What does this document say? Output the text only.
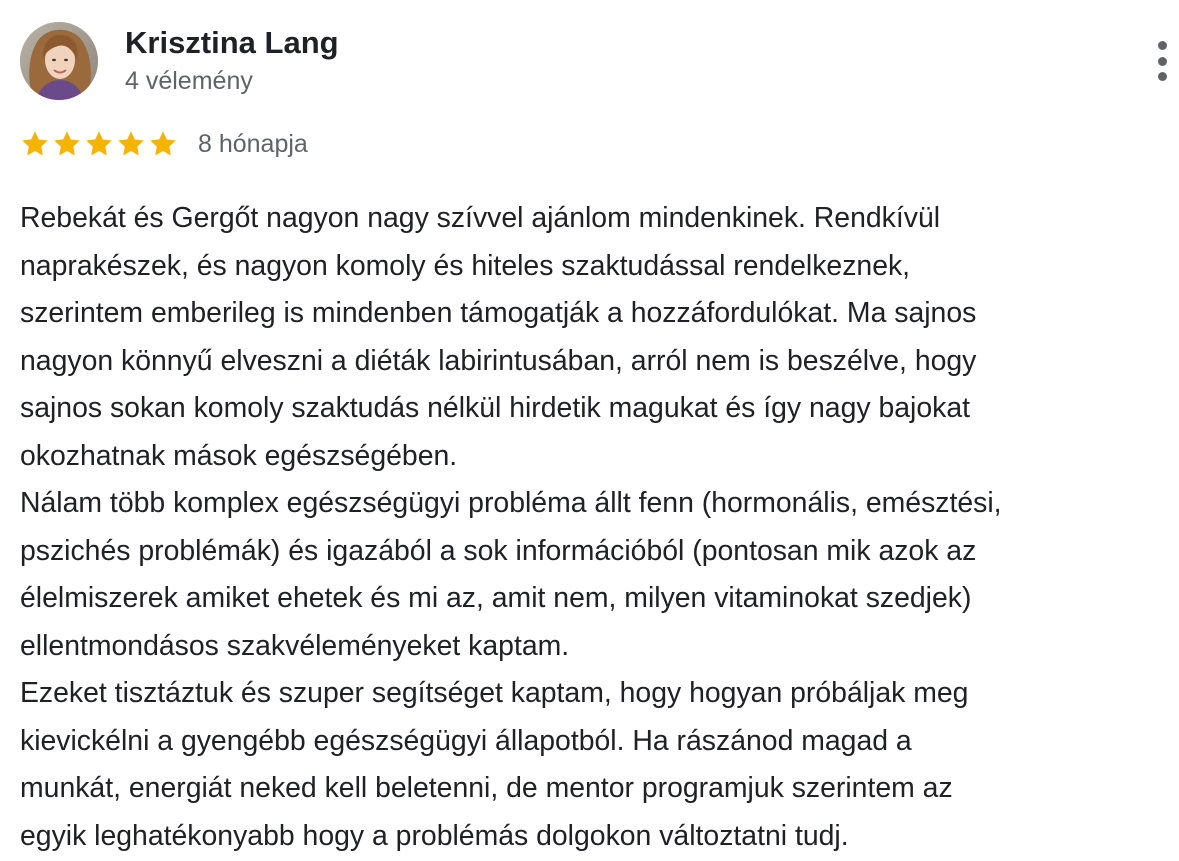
Krisztina Lang
4 vélemény
8 hónapja

Rebekát és Gergőt nagyon nagy szívvel ajánlom mindenkinek. Rendkívül

naprakészek, és nagyon komoly és hiteles szaktudással rendelkeznek,

szerintem emberileg is mindenben támogatják a hozzáfordulókat. Ma sajnos

nagyon könnyű elveszni a diéták labirintusában, arról nem is beszélve, hogy

sajnos sokan komoly szaktudás nélkül hirdetik magukat és így nagy bajokat

okozhatnak mások egészségében.

Nálam több komplex egészségügyi probléma állt fenn (hormonális, emésztési,

pszichés problémák) és igazából a sok információból (pontosan mik azok az

élelmiszerek amiket ehetek és mi az, amit nem, milyen vitaminokat szedjek)

ellentmondásos szakvéleményeket kaptam.

Ezeket tisztáztuk és szuper segítséget kaptam, hogy hogyan próbáljak meg

kievickélni a gyengébb egészségügyi állapotból. Ha rászánod magad a

munkát, energiát neked kell beletenni, de mentor programjuk szerintem az

egyik leghatékonyabb hogy a problémás dolgokon változtatni tudj.
